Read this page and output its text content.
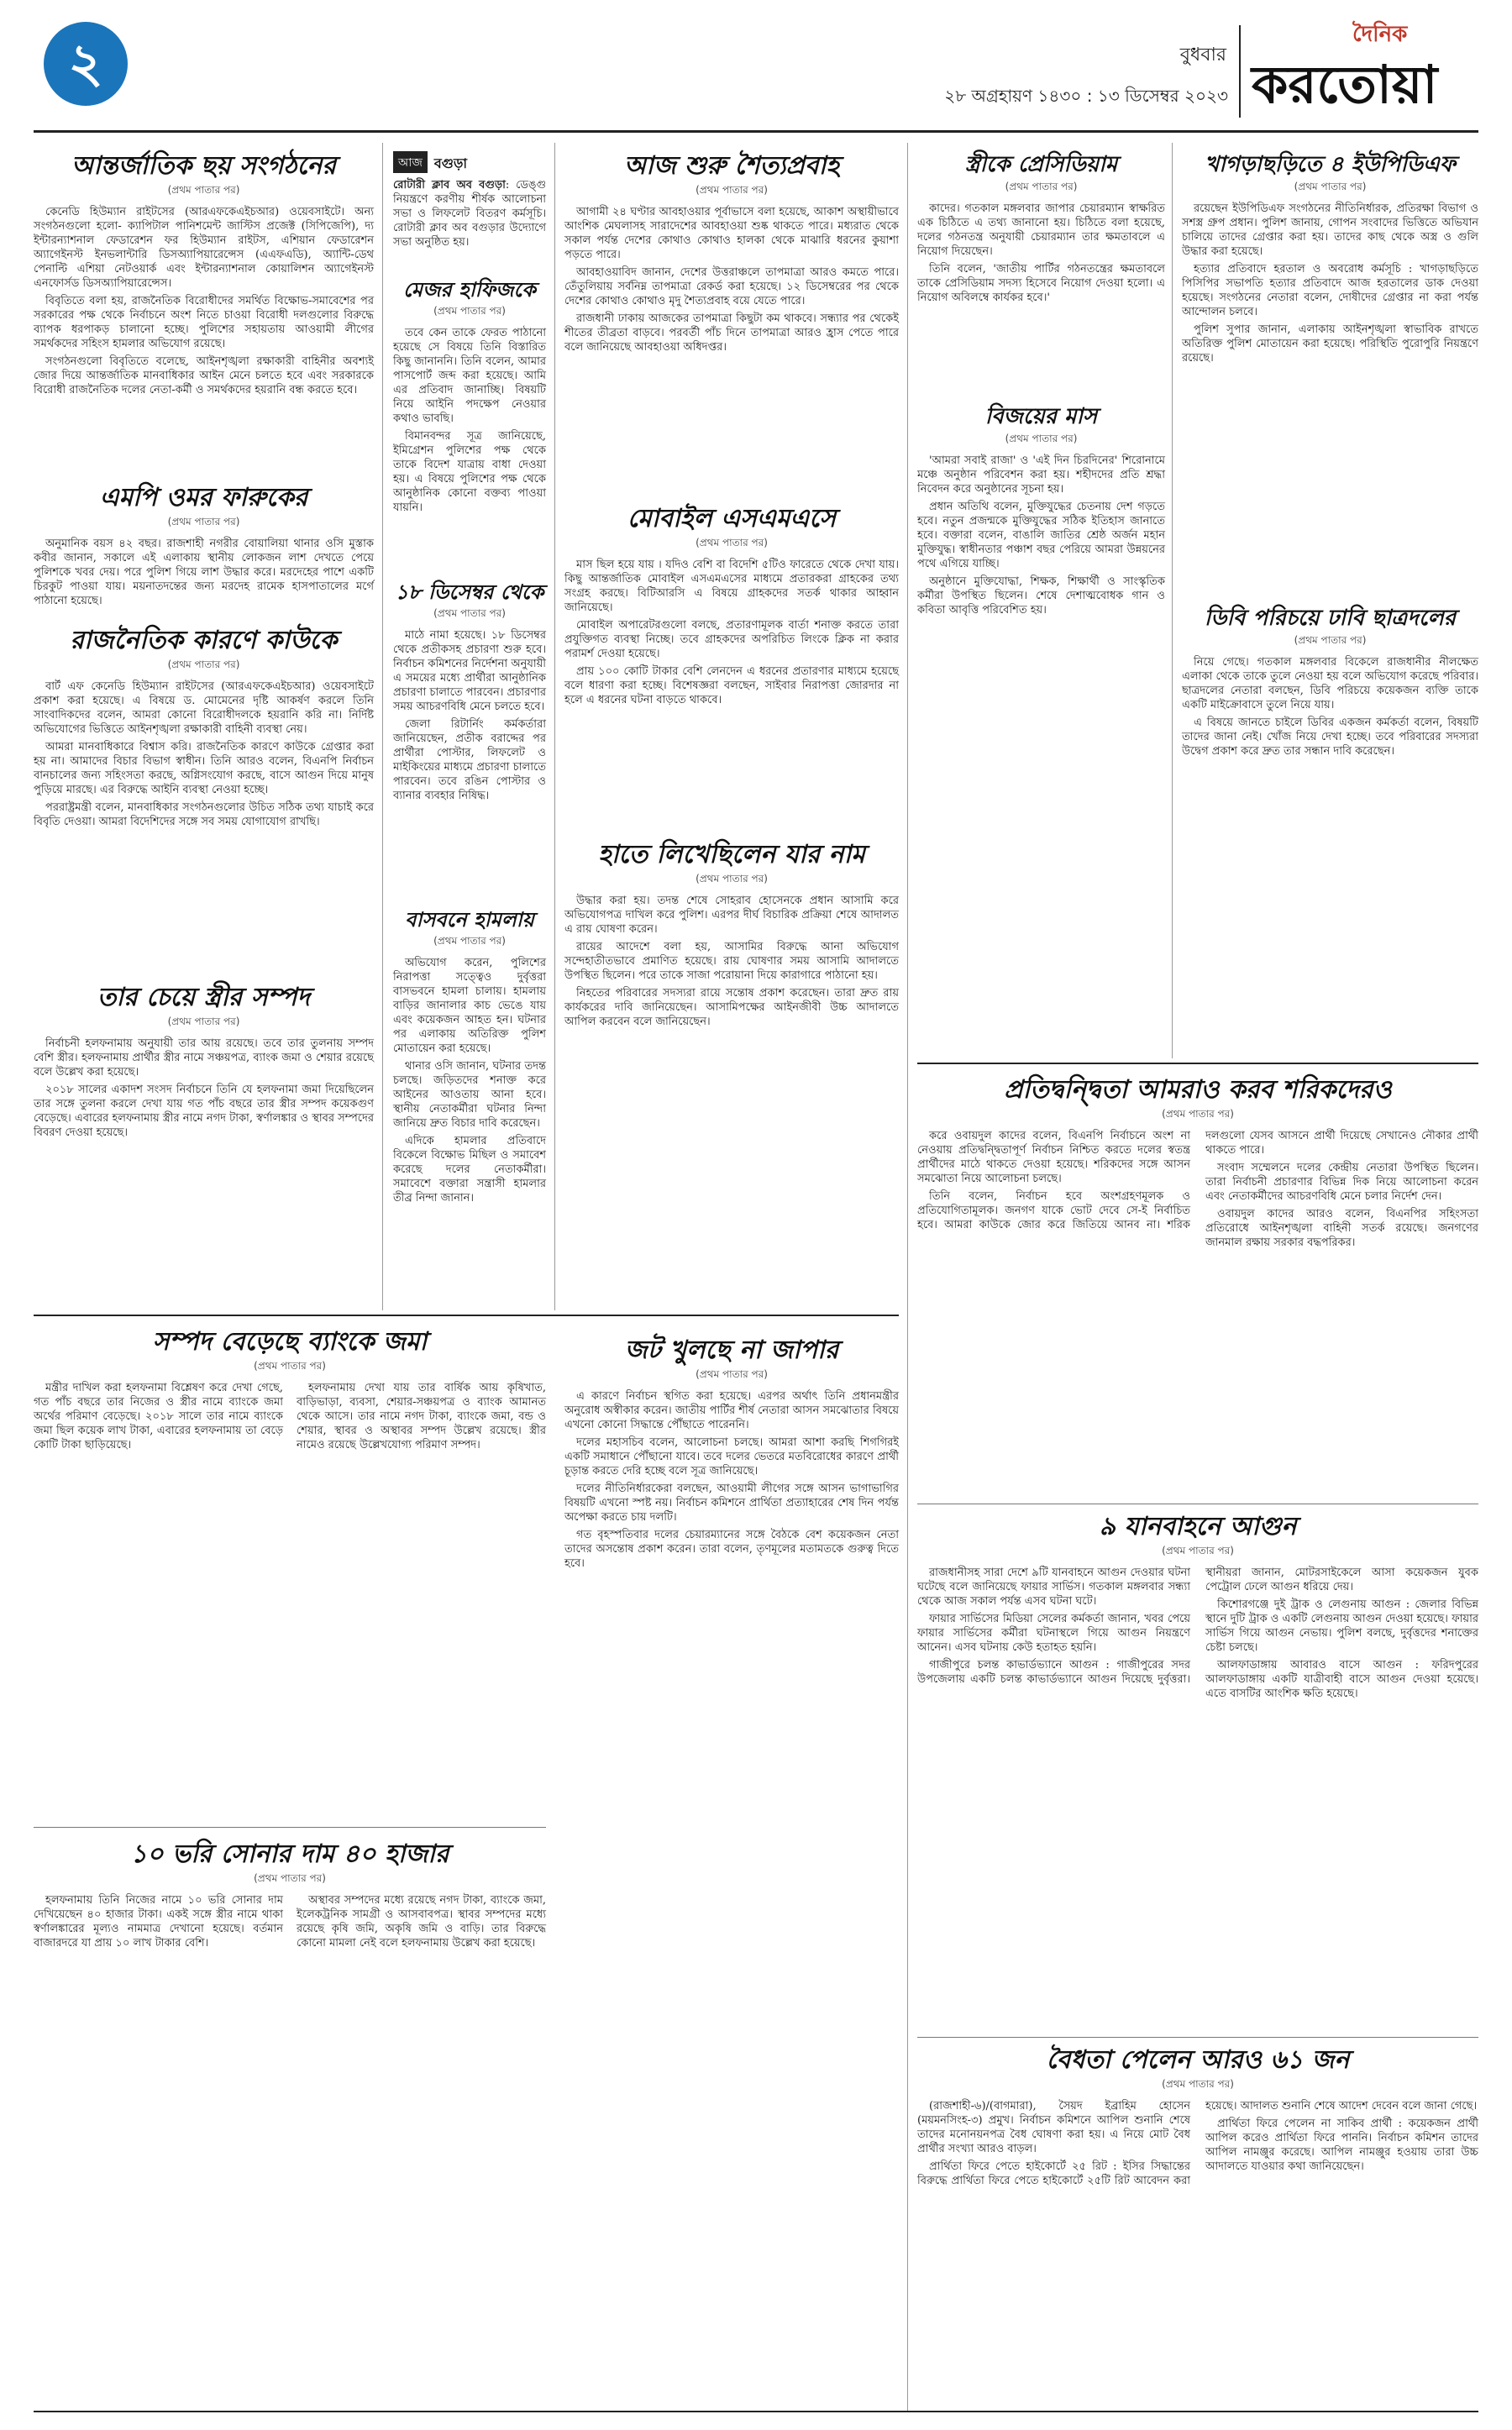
২	বুধবার
২৮ অগ্রহায়ণ ১৪৩০ : ১৩ ডিসেম্বর ২০২৩
দৈনিক
করতোয়া
আন্তর্জাতিক ছয় সংগঠনের
(প্রথম পাতার পর)

কেনেডি হিউম্যান রাইটসের (আরএফকেএইচআর) ওয়েবসাইটে। অন্য সংগঠনগুলো হলো- ক্যাপিটাল পানিশমেন্ট জাস্টিস প্রজেক্ট (সিপিজেপি), দ্য ইন্টারন্যাশনাল ফেডারেশন ফর হিউম্যান রাইটস, এশিয়ান ফেডারেশন অ্যাগেইনস্ট ইনভলান্টারি ডিসঅ্যাপিয়ারেন্সেস (এএফএডি), অ্যান্টি-ডেথ পেনাল্টি এশিয়া নেটওয়ার্ক এবং ইন্টারন্যাশনাল কোয়ালিশন অ্যাগেইনস্ট এনফোর্সড ডিসঅ্যাপিয়ারেন্সেস।

বিবৃতিতে বলা হয়, রাজনৈতিক বিরোধীদের সমর্থিত বিক্ষোভ-সমাবেশের পর সরকারের পক্ষ থেকে নির্বাচনে অংশ নিতে চাওয়া বিরোধী দলগুলোর বিরুদ্ধে ব্যাপক ধরপাকড় চালানো হচ্ছে। পুলিশের সহায়তায় আওয়ামী লীগের সমর্থকদের সহিংস হামলার অভিযোগ রয়েছে।

সংগঠনগুলো বিবৃতিতে বলেছে, আইনশৃঙ্খলা রক্ষাকারী বাহিনীর অবশ্যই জোর দিয়ে আন্তর্জাতিক মানবাধিকার আইন মেনে চলতে হবে এবং সরকারকে বিরোধী রাজনৈতিক দলের নেতা-কর্মী ও সমর্থকদের হয়রানি বন্ধ করতে হবে।

এমপি ওমর ফারুকের
(প্রথম পাতার পর)

অনুমানিক বয়স ৪২ বছর। রাজশাহী নগরীর বোয়ালিয়া থানার ওসি মুস্তাক কবীর জানান, সকালে এই এলাকায় স্থানীয় লোকজন লাশ দেখতে পেয়ে পুলিশকে খবর দেয়। পরে পুলিশ গিয়ে লাশ উদ্ধার করে। মরদেহের পাশে একটি চিরকুট পাওয়া যায়। ময়নাতদন্তের জন্য মরদেহ রামেক হাসপাতালের মর্গে পাঠানো হয়েছে।

রাজনৈতিক কারণে কাউকে
(প্রথম পাতার পর)

বার্ট এফ কেনেডি হিউম্যান রাইটসের (আরএফকেএইচআর) ওয়েবসাইটে প্রকাশ করা হয়েছে। এ বিষয়ে ড. মোমেনের দৃষ্টি আকর্ষণ করলে তিনি সাংবাদিকদের বলেন, আমরা কোনো বিরোধীদলকে হয়রানি করি না। নির্দিষ্ট অভিযোগের ভিত্তিতে আইনশৃঙ্খলা রক্ষাকারী বাহিনী ব্যবস্থা নেয়।

আমরা মানবাধিকারে বিশ্বাস করি। রাজনৈতিক কারণে কাউকে গ্রেপ্তার করা হয় না। আমাদের বিচার বিভাগ স্বাধীন। তিনি আরও বলেন, বিএনপি নির্বাচন বানচালের জন্য সহিংসতা করছে, অগ্নিসংযোগ করছে, বাসে আগুন দিয়ে মানুষ পুড়িয়ে মারছে। এর বিরুদ্ধে আইনি ব্যবস্থা নেওয়া হচ্ছে।

পররাষ্ট্রমন্ত্রী বলেন, মানবাধিকার সংগঠনগুলোর উচিত সঠিক তথ্য যাচাই করে বিবৃতি দেওয়া। আমরা বিদেশিদের সঙ্গে সব সময় যোগাযোগ রাখছি।

তার চেয়ে স্ত্রীর সম্পদ
(প্রথম পাতার পর)

নির্বাচনী হলফনামায় অনুযায়ী তার আয় রয়েছে। তবে তার তুলনায় সম্পদ বেশি স্ত্রীর। হলফনামায় প্রার্থীর স্ত্রীর নামে সঞ্চয়পত্র, ব্যাংক জমা ও শেয়ার রয়েছে বলে উল্লেখ করা হয়েছে।

২০১৮ সালের একাদশ সংসদ নির্বাচনে তিনি যে হলফনামা জমা দিয়েছিলেন তার সঙ্গে তুলনা করলে দেখা যায় গত পাঁচ বছরে তার স্ত্রীর সম্পদ কয়েকগুণ বেড়েছে। এবারের হলফনামায় স্ত্রীর নামে নগদ টাকা, স্বর্ণালঙ্কার ও স্থাবর সম্পদের বিবরণ দেওয়া হয়েছে।

আজ বগুড়া

রোটারী ক্লাব অব বগুড়া: ডেঙ্গু নিয়ন্ত্রণে করণীয় শীর্ষক আলোচনা সভা ও লিফলেট বিতরণ কর্মসূচি। রোটারী ক্লাব অব বগুড়ার উদ্যোগে সভা অনুষ্ঠিত হয়।

মেজর হাফিজকে
(প্রথম পাতার পর)

তবে কেন তাকে ফেরত পাঠানো হয়েছে সে বিষয়ে তিনি বিস্তারিত কিছু জানাননি। তিনি বলেন, আমার পাসপোর্ট জব্দ করা হয়েছে। আমি এর প্রতিবাদ জানাচ্ছি। বিষয়টি নিয়ে আইনি পদক্ষেপ নেওয়ার কথাও ভাবছি।

বিমানবন্দর সূত্র জানিয়েছে, ইমিগ্রেশন পুলিশের পক্ষ থেকে তাকে বিদেশ যাত্রায় বাধা দেওয়া হয়। এ বিষয়ে পুলিশের পক্ষ থেকে আনুষ্ঠানিক কোনো বক্তব্য পাওয়া যায়নি।

১৮ ডিসেম্বর থেকে
(প্রথম পাতার পর)

মাঠে নামা হয়েছে। ১৮ ডিসেম্বর থেকে প্রতীকসহ প্রচারণা শুরু হবে। নির্বাচন কমিশনের নির্দেশনা অনুযায়ী এ সময়ের মধ্যে প্রার্থীরা আনুষ্ঠানিক প্রচারণা চালাতে পারবেন। প্রচারণার সময় আচরণবিধি মেনে চলতে হবে।

জেলা রিটার্নিং কর্মকর্তারা জানিয়েছেন, প্রতীক বরাদ্দের পর প্রার্থীরা পোস্টার, লিফলেট ও মাইকিংয়ের মাধ্যমে প্রচারণা চালাতে পারবেন। তবে রঙিন পোস্টার ও ব্যানার ব্যবহার নিষিদ্ধ।

বাসবনে হামলায়
(প্রথম পাতার পর)

অভিযোগ করেন, পুলিশের নিরাপত্তা সত্ত্বেও দুর্বৃত্তরা বাসভবনে হামলা চালায়। হামলায় বাড়ির জানালার কাচ ভেঙে যায় এবং কয়েকজন আহত হন। ঘটনার পর এলাকায় অতিরিক্ত পুলিশ মোতায়েন করা হয়েছে।

থানার ওসি জানান, ঘটনার তদন্ত চলছে। জড়িতদের শনাক্ত করে আইনের আওতায় আনা হবে। স্থানীয় নেতাকর্মীরা ঘটনার নিন্দা জানিয়ে দ্রুত বিচার দাবি করেছেন।

এদিকে হামলার প্রতিবাদে বিকেলে বিক্ষোভ মিছিল ও সমাবেশ করেছে দলের নেতাকর্মীরা। সমাবেশে বক্তারা সন্ত্রাসী হামলার তীব্র নিন্দা জানান।

সম্পদ বেড়েছে ব্যাংকে জমা
(প্রথম পাতার পর)

মন্ত্রীর দাখিল করা হলফনামা বিশ্লেষণ করে দেখা গেছে, গত পাঁচ বছরে তার নিজের ও স্ত্রীর নামে ব্যাংকে জমা অর্থের পরিমাণ বেড়েছে। ২০১৮ সালে তার নামে ব্যাংকে জমা ছিল কয়েক লাখ টাকা, এবারের হলফনামায় তা বেড়ে কোটি টাকা ছাড়িয়েছে।

হলফনামায় দেখা যায় তার বার্ষিক আয় কৃষিখাত, বাড়িভাড়া, ব্যবসা, শেয়ার-সঞ্চয়পত্র ও ব্যাংক আমানত থেকে আসে। তার নামে নগদ টাকা, ব্যাংকে জমা, বন্ড ও শেয়ার, স্থাবর ও অস্থাবর সম্পদ উল্লেখ রয়েছে। স্ত্রীর নামেও রয়েছে উল্লেখযোগ্য পরিমাণ সম্পদ।

১০ ভরি সোনার দাম ৪০ হাজার
(প্রথম পাতার পর)

হলফনামায় তিনি নিজের নামে ১০ ভরি সোনার দাম দেখিয়েছেন ৪০ হাজার টাকা। একই সঙ্গে স্ত্রীর নামে থাকা স্বর্ণালঙ্কারের মূল্যও নামমাত্র দেখানো হয়েছে। বর্তমান বাজারদরে যা প্রায় ১০ লাখ টাকার বেশি।

অস্থাবর সম্পদের মধ্যে রয়েছে নগদ টাকা, ব্যাংকে জমা, ইলেকট্রনিক সামগ্রী ও আসবাবপত্র। স্থাবর সম্পদের মধ্যে রয়েছে কৃষি জমি, অকৃষি জমি ও বাড়ি। তার বিরুদ্ধে কোনো মামলা নেই বলে হলফনামায় উল্লেখ করা হয়েছে।

আজ শুরু শৈত্যপ্রবাহ
(প্রথম পাতার পর)

আগামী ২৪ ঘণ্টার আবহাওয়ার পূর্বাভাসে বলা হয়েছে, আকাশ অস্থায়ীভাবে আংশিক মেঘলাসহ সারাদেশের আবহাওয়া শুষ্ক থাকতে পারে। মধ্যরাত থেকে সকাল পর্যন্ত দেশের কোথাও কোথাও হালকা থেকে মাঝারি ধরনের কুয়াশা পড়তে পারে।

আবহাওয়াবিদ জানান, দেশের উত্তরাঞ্চলে তাপমাত্রা আরও কমতে পারে। তেঁতুলিয়ায় সর্বনিম্ন তাপমাত্রা রেকর্ড করা হয়েছে। ১২ ডিসেম্বরের পর থেকে দেশের কোথাও কোথাও মৃদু শৈত্যপ্রবাহ বয়ে যেতে পারে।

রাজধানী ঢাকায় আজকের তাপমাত্রা কিছুটা কম থাকবে। সন্ধ্যার পর থেকেই শীতের তীব্রতা বাড়বে। পরবর্তী পাঁচ দিনে তাপমাত্রা আরও হ্রাস পেতে পারে বলে জানিয়েছে আবহাওয়া অধিদপ্তর।

মোবাইল এসএমএসে
(প্রথম পাতার পর)

মাস ছিল হয়ে যায় । যদিও বেশি বা বিদেশি ৫টিও ফারেতে থেকে দেখা যায়। কিছু আন্তর্জাতিক মোবাইল এসএমএসের মাধ্যমে প্রতারকরা গ্রাহকের তথ্য সংগ্রহ করছে। বিটিআরসি এ বিষয়ে গ্রাহকদের সতর্ক থাকার আহ্বান জানিয়েছে।

মোবাইল অপারেটরগুলো বলছে, প্রতারণামূলক বার্তা শনাক্ত করতে তারা প্রযুক্তিগত ব্যবস্থা নিচ্ছে। তবে গ্রাহকদের অপরিচিত লিংকে ক্লিক না করার পরামর্শ দেওয়া হয়েছে।

প্রায় ১০০ কোটি টাকার বেশি লেনদেন এ ধরনের প্রতারণার মাধ্যমে হয়েছে বলে ধারণা করা হচ্ছে। বিশেষজ্ঞরা বলছেন, সাইবার নিরাপত্তা জোরদার না হলে এ ধরনের ঘটনা বাড়তে থাকবে।

হাতে লিখেছিলেন যার নাম
(প্রথম পাতার পর)

উদ্ধার করা হয়। তদন্ত শেষে সোহরাব হোসেনকে প্রধান আসামি করে অভিযোগপত্র দাখিল করে পুলিশ। এরপর দীর্ঘ বিচারিক প্রক্রিয়া শেষে আদালত এ রায় ঘোষণা করেন।

রায়ের আদেশে বলা হয়, আসামির বিরুদ্ধে আনা অভিযোগ সন্দেহাতীতভাবে প্রমাণিত হয়েছে। রায় ঘোষণার সময় আসামি আদালতে উপস্থিত ছিলেন। পরে তাকে সাজা পরোয়ানা দিয়ে কারাগারে পাঠানো হয়।

নিহতের পরিবারের সদস্যরা রায়ে সন্তোষ প্রকাশ করেছেন। তারা দ্রুত রায় কার্যকরের দাবি জানিয়েছেন। আসামিপক্ষের আইনজীবী উচ্চ আদালতে আপিল করবেন বলে জানিয়েছেন।

জট খুলছে না জাপার
(প্রথম পাতার পর)

এ কারণে নির্বাচন স্থগিত করা হয়েছে। এরপর অর্থাৎ তিনি প্রধানমন্ত্রীর অনুরোধ অস্বীকার করেন। জাতীয় পার্টির শীর্ষ নেতারা আসন সমঝোতার বিষয়ে এখনো কোনো সিদ্ধান্তে পৌঁছাতে পারেননি।

দলের মহাসচিব বলেন, আলোচনা চলছে। আমরা আশা করছি শিগগিরই একটি সমাধানে পৌঁছানো যাবে। তবে দলের ভেতরে মতবিরোধের কারণে প্রার্থী চূড়ান্ত করতে দেরি হচ্ছে বলে সূত্র জানিয়েছে।

দলের নীতিনির্ধারকেরা বলছেন, আওয়ামী লীগের সঙ্গে আসন ভাগাভাগির বিষয়টি এখনো স্পষ্ট নয়। নির্বাচন কমিশনে প্রার্থিতা প্রত্যাহারের শেষ দিন পর্যন্ত অপেক্ষা করতে চায় দলটি।

গত বৃহস্পতিবার দলের চেয়ারম্যানের সঙ্গে বৈঠকে বেশ কয়েকজন নেতা তাদের অসন্তোষ প্রকাশ করেন। তারা বলেন, তৃণমূলের মতামতকে গুরুত্ব দিতে হবে।

স্ত্রীকে প্রেসিডিয়াম
(প্রথম পাতার পর)

কাদের। গতকাল মঙ্গলবার জাপার চেয়ারম্যান স্বাক্ষরিত এক চিঠিতে এ তথ্য জানানো হয়। চিঠিতে বলা হয়েছে, দলের গঠনতন্ত্র অনুযায়ী চেয়ারম্যান তার ক্ষমতাবলে এ নিয়োগ দিয়েছেন।

তিনি বলেন, 'জাতীয় পার্টির গঠনতন্ত্রের ক্ষমতাবলে তাকে প্রেসিডিয়াম সদস্য হিসেবে নিয়োগ দেওয়া হলো। এ নিয়োগ অবিলম্বে কার্যকর হবে।'

বিজয়ের মাস
(প্রথম পাতার পর)

'আমরা সবাই রাজা' ও 'এই দিন চিরদিনের' শিরোনামে মঞ্চে অনুষ্ঠান পরিবেশন করা হয়। শহীদদের প্রতি শ্রদ্ধা নিবেদন করে অনুষ্ঠানের সূচনা হয়।

প্রধান অতিথি বলেন, মুক্তিযুদ্ধের চেতনায় দেশ গড়তে হবে। নতুন প্রজন্মকে মুক্তিযুদ্ধের সঠিক ইতিহাস জানাতে হবে। বক্তারা বলেন, বাঙালি জাতির শ্রেষ্ঠ অর্জন মহান মুক্তিযুদ্ধ। স্বাধীনতার পঞ্চাশ বছর পেরিয়ে আমরা উন্নয়নের পথে এগিয়ে যাচ্ছি।

অনুষ্ঠানে মুক্তিযোদ্ধা, শিক্ষক, শিক্ষার্থী ও সাংস্কৃতিক কর্মীরা উপস্থিত ছিলেন। শেষে দেশাত্মবোধক গান ও কবিতা আবৃত্তি পরিবেশিত হয়।

খাগড়াছড়িতে ৪ ইউপিডিএফ
(প্রথম পাতার পর)

রয়েছেন ইউপিডিএফ সংগঠনের নীতিনির্ধারক, প্রতিরক্ষা বিভাগ ও সশস্ত্র গ্রুপ প্রধান। পুলিশ জানায়, গোপন সংবাদের ভিত্তিতে অভিযান চালিয়ে তাদের গ্রেপ্তার করা হয়। তাদের কাছ থেকে অস্ত্র ও গুলি উদ্ধার করা হয়েছে।

হত্যার প্রতিবাদে হরতাল ও অবরোধ কর্মসূচি : খাগড়াছড়িতে পিসিপির সভাপতি হত্যার প্রতিবাদে আজ হরতালের ডাক দেওয়া হয়েছে। সংগঠনের নেতারা বলেন, দোষীদের গ্রেপ্তার না করা পর্যন্ত আন্দোলন চলবে।

পুলিশ সুপার জানান, এলাকায় আইনশৃঙ্খলা স্বাভাবিক রাখতে অতিরিক্ত পুলিশ মোতায়েন করা হয়েছে। পরিস্থিতি পুরোপুরি নিয়ন্ত্রণে রয়েছে।

ডিবি পরিচয়ে ঢাবি ছাত্রদলের
(প্রথম পাতার পর)

নিয়ে গেছে। গতকাল মঙ্গলবার বিকেলে রাজধানীর নীলক্ষেত এলাকা থেকে তাকে তুলে নেওয়া হয় বলে অভিযোগ করেছে পরিবার। ছাত্রদলের নেতারা বলছেন, ডিবি পরিচয়ে কয়েকজন ব্যক্তি তাকে একটি মাইক্রোবাসে তুলে নিয়ে যায়।

এ বিষয়ে জানতে চাইলে ডিবির একজন কর্মকর্তা বলেন, বিষয়টি তাদের জানা নেই। খোঁজ নিয়ে দেখা হচ্ছে। তবে পরিবারের সদস্যরা উদ্বেগ প্রকাশ করে দ্রুত তার সন্ধান দাবি করেছেন।

প্রতিদ্বন্দ্বিতা আমরাও করব শরিকদেরও
(প্রথম পাতার পর)

করে ওবায়দুল কাদের বলেন, বিএনপি নির্বাচনে অংশ না নেওয়ায় প্রতিদ্বন্দ্বিতাপূর্ণ নির্বাচন নিশ্চিত করতে দলের স্বতন্ত্র প্রার্থীদের মাঠে থাকতে দেওয়া হয়েছে। শরিকদের সঙ্গে আসন সমঝোতা নিয়ে আলোচনা চলছে।

তিনি বলেন, নির্বাচন হবে অংশগ্রহণমূলক ও প্রতিযোগিতামূলক। জনগণ যাকে ভোট দেবে সে-ই নির্বাচিত হবে। আমরা কাউকে জোর করে জিতিয়ে আনব না। শরিক দলগুলো যেসব আসনে প্রার্থী দিয়েছে সেখানেও নৌকার প্রার্থী থাকতে পারে।

সংবাদ সম্মেলনে দলের কেন্দ্রীয় নেতারা উপস্থিত ছিলেন। তারা নির্বাচনী প্রচারণার বিভিন্ন দিক নিয়ে আলোচনা করেন এবং নেতাকর্মীদের আচরণবিধি মেনে চলার নির্দেশ দেন।

ওবায়দুল কাদের আরও বলেন, বিএনপির সহিংসতা প্রতিরোধে আইনশৃঙ্খলা বাহিনী সতর্ক রয়েছে। জনগণের জানমাল রক্ষায় সরকার বদ্ধপরিকর।

৯ যানবাহনে আগুন
(প্রথম পাতার পর)

রাজধানীসহ সারা দেশে ৯টি যানবাহনে আগুন দেওয়ার ঘটনা ঘটেছে বলে জানিয়েছে ফায়ার সার্ভিস। গতকাল মঙ্গলবার সন্ধ্যা থেকে আজ সকাল পর্যন্ত এসব ঘটনা ঘটে।

ফায়ার সার্ভিসের মিডিয়া সেলের কর্মকর্তা জানান, খবর পেয়ে ফায়ার সার্ভিসের কর্মীরা ঘটনাস্থলে গিয়ে আগুন নিয়ন্ত্রণে আনেন। এসব ঘটনায় কেউ হতাহত হয়নি।

গাজীপুরে চলন্ত কাভার্ডভ্যানে আগুন : গাজীপুরের সদর উপজেলায় একটি চলন্ত কাভার্ডভ্যানে আগুন দিয়েছে দুর্বৃত্তরা। স্থানীয়রা জানান, মোটরসাইকেলে আসা কয়েকজন যুবক পেট্রোল ঢেলে আগুন ধরিয়ে দেয়।

কিশোরগঞ্জে দুই ট্রাক ও লেগুনায় আগুন : জেলার বিভিন্ন স্থানে দুটি ট্রাক ও একটি লেগুনায় আগুন দেওয়া হয়েছে। ফায়ার সার্ভিস গিয়ে আগুন নেভায়। পুলিশ বলছে, দুর্বৃত্তদের শনাক্তের চেষ্টা চলছে।

আলফাডাঙ্গায় আবারও বাসে আগুন : ফরিদপুরের আলফাডাঙ্গায় একটি যাত্রীবাহী বাসে আগুন দেওয়া হয়েছে। এতে বাসটির আংশিক ক্ষতি হয়েছে।

বৈধতা পেলেন আরও ৬১ জন
(প্রথম পাতার পর)

(রাজশাহী-৬)/(বাগমারা), সৈয়দ ইব্রাহিম হোসেন (ময়মনসিংহ-৩) প্রমুখ। নির্বাচন কমিশনে আপিল শুনানি শেষে তাদের মনোনয়নপত্র বৈধ ঘোষণা করা হয়। এ নিয়ে মোট বৈধ প্রার্থীর সংখ্যা আরও বাড়ল।

প্রার্থিতা ফিরে পেতে হাইকোর্টে ২৫ রিট : ইসির সিদ্ধান্তের বিরুদ্ধে প্রার্থিতা ফিরে পেতে হাইকোর্টে ২৫টি রিট আবেদন করা হয়েছে। আদালত শুনানি শেষে আদেশ দেবেন বলে জানা গেছে।

প্রার্থিতা ফিরে পেলেন না সাকিব প্রার্থী : কয়েকজন প্রার্থী আপিল করেও প্রার্থিতা ফিরে পাননি। নির্বাচন কমিশন তাদের আপিল নামঞ্জুর করেছে। আপিল নামঞ্জুর হওয়ায় তারা উচ্চ আদালতে যাওয়ার কথা জানিয়েছেন।
